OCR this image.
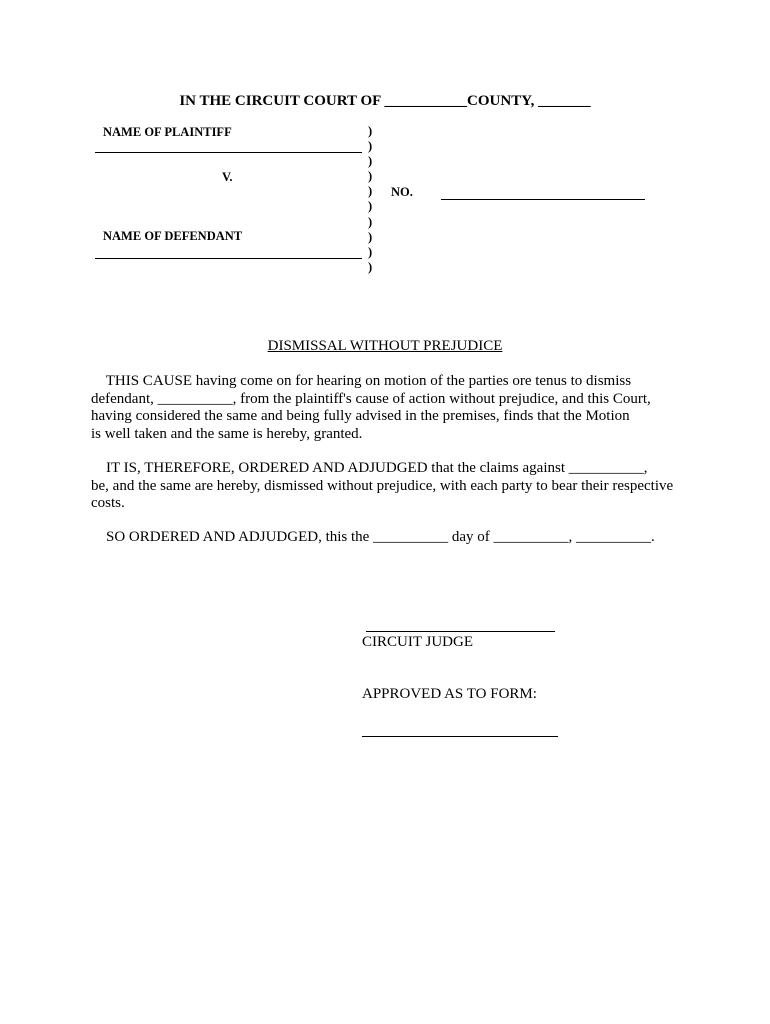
IN THE CIRCUIT COURT OF ___________COUNTY, _______
NAME OF PLAINTIFF
V.
NAME OF DEFENDANT
)
)
)
)
)
)
)
)
)
)
NO.
DISMISSAL WITHOUT PREJUDICE
THIS CAUSE having come on for hearing on motion of the parties ore tenus to dismiss
defendant, __________, from the plaintiff's cause of action without prejudice, and this Court,
having considered the same and being fully advised in the premises, finds that the Motion
is well taken and the same is hereby, granted.
IT IS, THEREFORE, ORDERED AND ADJUDGED that the claims against __________,
be, and the same are hereby, dismissed without prejudice, with each party to bear their respective
costs.
SO ORDERED AND ADJUDGED, this the __________ day of __________, __________.
CIRCUIT JUDGE
APPROVED AS TO FORM:
